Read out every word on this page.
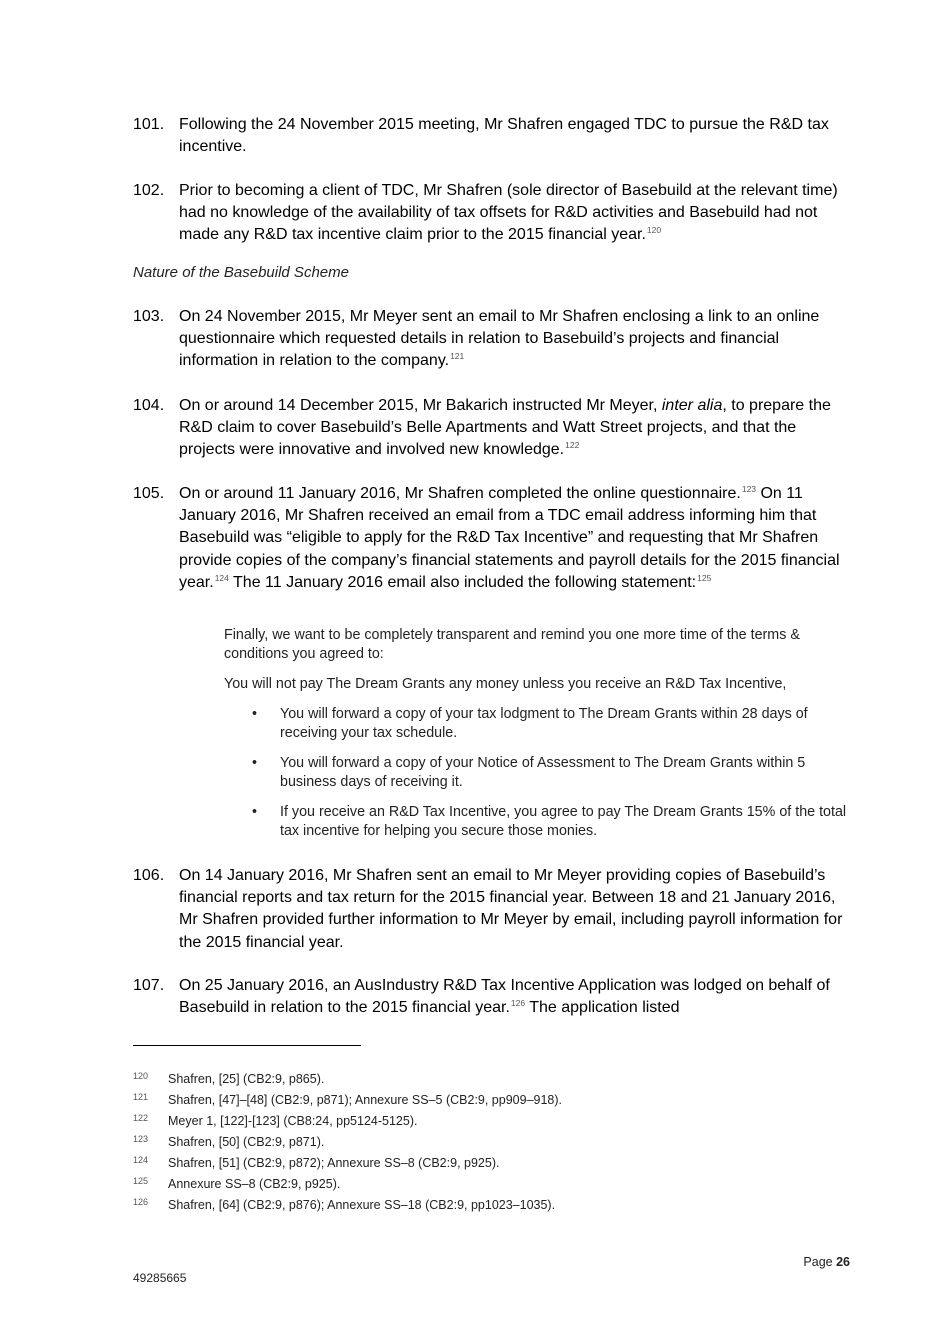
101. Following the 24 November 2015 meeting, Mr Shafren engaged TDC to pursue the R&D tax incentive.
102. Prior to becoming a client of TDC, Mr Shafren (sole director of Basebuild at the relevant time) had no knowledge of the availability of tax offsets for R&D activities and Basebuild had not made any R&D tax incentive claim prior to the 2015 financial year.$^{120}$
Nature of the Basebuild Scheme
103. On 24 November 2015, Mr Meyer sent an email to Mr Shafren enclosing a link to an online questionnaire which requested details in relation to Basebuild’s projects and financial information in relation to the company.$^{121}$
104. On or around 14 December 2015, Mr Bakarich instructed Mr Meyer, inter alia, to prepare the R&D claim to cover Basebuild’s Belle Apartments and Watt Street projects, and that the projects were innovative and involved new knowledge.$^{122}$
105. On or around 11 January 2016, Mr Shafren completed the online questionnaire.$^{123}$ On 11 January 2016, Mr Shafren received an email from a TDC email address informing him that Basebuild was “eligible to apply for the R&D Tax Incentive” and requesting that Mr Shafren provide copies of the company’s financial statements and payroll details for the 2015 financial year.$^{124}$ The 11 January 2016 email also included the following statement:$^{125}$
Finally, we want to be completely transparent and remind you one more time of the terms & conditions you agreed to:
You will not pay The Dream Grants any money unless you receive an R&D Tax Incentive,
• You will forward a copy of your tax lodgment to The Dream Grants within 28 days of receiving your tax schedule.
• You will forward a copy of your Notice of Assessment to The Dream Grants within 5 business days of receiving it.
• If you receive an R&D Tax Incentive, you agree to pay The Dream Grants 15% of the total tax incentive for helping you secure those monies.
106. On 14 January 2016, Mr Shafren sent an email to Mr Meyer providing copies of Basebuild’s financial reports and tax return for the 2015 financial year. Between 18 and 21 January 2016, Mr Shafren provided further information to Mr Meyer by email, including payroll information for the 2015 financial year.
107. On 25 January 2016, an AusIndustry R&D Tax Incentive Application was lodged on behalf of Basebuild in relation to the 2015 financial year.$^{126}$ The application listed
120 Shafren, [25] (CB2:9, p865).
121 Shafren, [47]–[48] (CB2:9, p871); Annexure SS–5 (CB2:9, pp909–918).
122 Meyer 1, [122]-[123] (CB8:24, pp5124-5125).
123 Shafren, [50] (CB2:9, p871).
124 Shafren, [51] (CB2:9, p872); Annexure SS–8 (CB2:9, p925).
125 Annexure SS–8 (CB2:9, p925).
126 Shafren, [64] (CB2:9, p876); Annexure SS–18 (CB2:9, pp1023–1035).
Page 26
49285665
